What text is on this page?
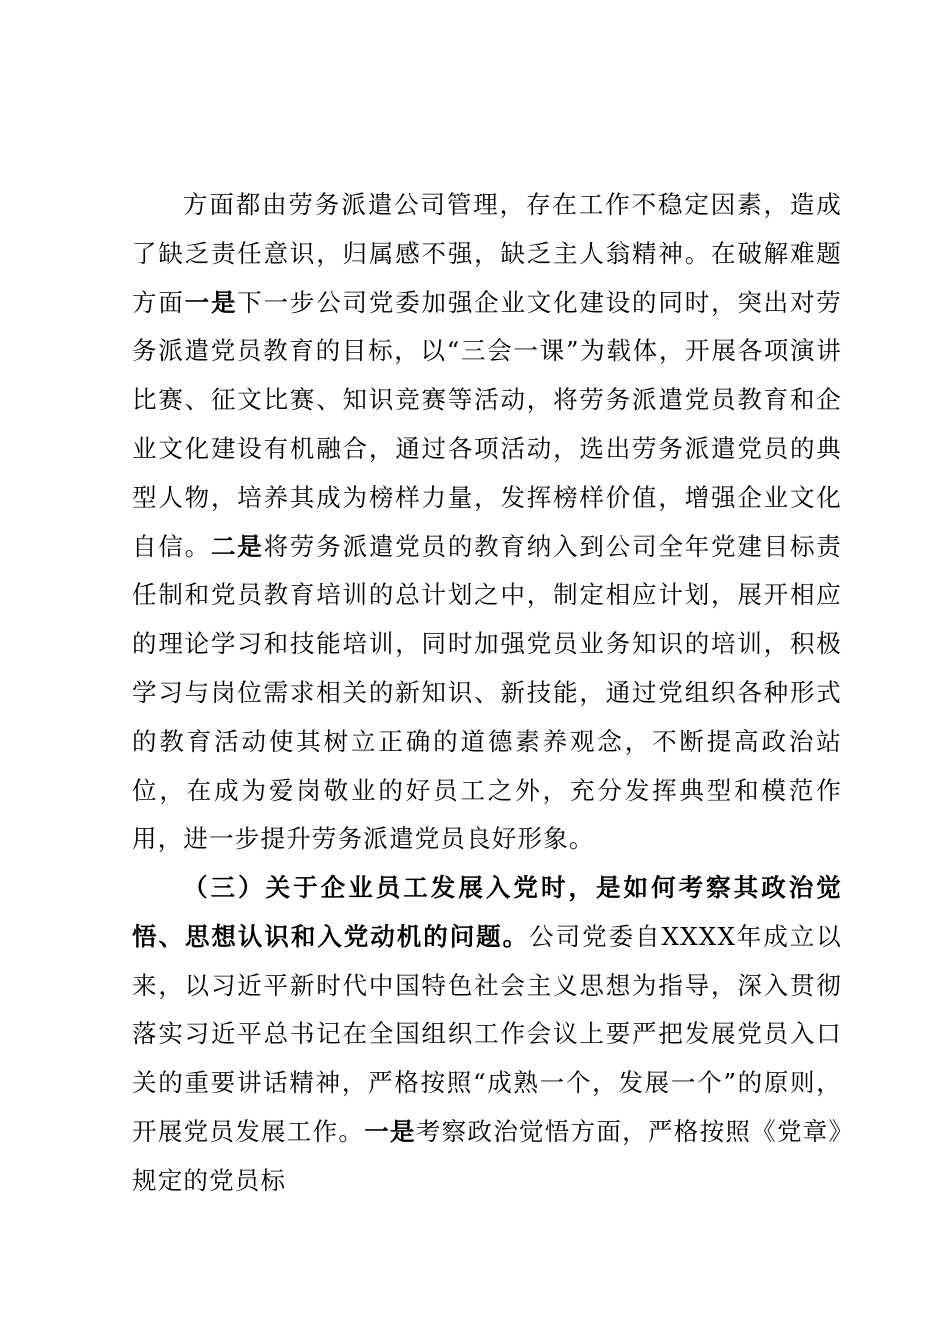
方面都由劳务派遣公司管理，存在工作不稳定因素，造成了缺乏责任意识，归属感不强，缺乏主人翁精神。在破解难题方面一是下一步公司党委加强企业文化建设的同时，突出对劳务派遣党员教育的目标，以“三会一课”为载体，开展各项演讲比赛、征文比赛、知识竞赛等活动，将劳务派遣党员教育和企业文化建设有机融合，通过各项活动，选出劳务派遣党员的典型人物，培养其成为榜样力量，发挥榜样价值，增强企业文化自信。二是将劳务派遣党员的教育纳入到公司全年党建目标责任制和党员教育培训的总计划之中，制定相应计划，展开相应的理论学习和技能培训，同时加强党员业务知识的培训，积极学习与岗位需求相关的新知识、新技能，通过党组织各种形式的教育活动使其树立正确的道德素养观念，不断提高政治站位，在成为爱岗敬业的好员工之外，充分发挥典型和模范作用，进一步提升劳务派遣党员良好形象。

（三）关于企业员工发展入党时，是如何考察其政治觉悟、思想认识和入党动机的问题。公司党委自XXXX年成立以来，以习近平新时代中国特色社会主义思想为指导，深入贯彻落实习近平总书记在全国组织工作会议上要严把发展党员入口关的重要讲话精神，严格按照“成熟一个，发展一个”的原则，开展党员发展工作。一是考察政治觉悟方面，严格按照《党章》规定的党员标
